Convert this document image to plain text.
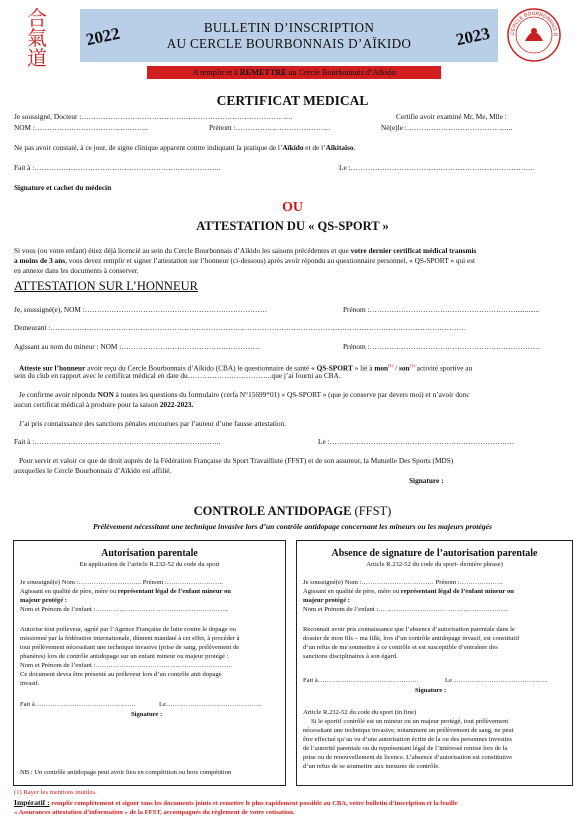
合
氣
道
2022	BULLETIN D’INSCRIPTION
AU CERCLE BOURBONNAIS D’AÏKIDO	2023	CERCLE BOURBONNAIS D
A remplir et à REMETTRE au Cercle Bourbonnais d’Aïkido
CERTIFICAT MEDICAL
Je soussigné, Docteur :……………………………………………………………………………	Certifie avoir examiné Mr, Me, Mlle :
NOM :………………………………………..	Prénom :…………………………………	Né(e)le :……………………………………..
Ne pas avoir constaté, à ce jour, de signe clinique apparent contre indiquant la pratique de l’Aïkido et de l’Aïkitaïso.
Fait à :…………………………………………………………………..	Le :………………………………………………………………….
Signature et cachet du médecin
OU
ATTESTATION DU « QS-SPORT »
Si vous (ou votre enfant) étiez déjà licencié au sein du Cercle Bourbonnais d’Aïkido les saisons précédentes et que votre dernier certificat médical transmis
a moins de 3 ans, vous devez remplir et signer l’attestation sur l’honneur (ci-dessous) après avoir répondu au questionnaire personnel, « QS-SPORT » qui est
en annexe dans les documents à conserver.
ATTESTATION SUR L’HONNEUR
Je, soussigné(e), NOM :…………………………………………………………………	Prénom :…………………………………………………….............
Demeurant :………………………………………………………………………………………………………………………………………………………
Agissant au nom du mineur : NOM :…………………………………………………	Prénom :…………………………………………………………….
Atteste sur l’honneur avoir reçu du Cercle Bourbonnais d’Aïkido (CBA) le questionnaire de santé « QS-SPORT » lié à mon$^{(1)}$ / son$^{(1)}$ activité sportive au
sein du club en rapport avec le certificat médical en date du……………………………..que j’ai fourni au CBA.
Je confirme avoir répondu NON à toutes les questions du formulaire (cerfa N°15699*01) « QS-SPORT » (que je conserve par devers moi) et n’avoir donc
aucun certificat médical à produire pour la saison 2022-2023.
J’ai pris connaissance des sanctions pénales encourues par l’auteur d’une fausse attestation.
Fait à :…………………………………………………………………..	Le :………………………………………………………………….
Pour servir et valoir ce que de droit auprès de la Fédération Française du Sport Travailliste (FFST) et de son assureur, la Mutuelle Des Sports (MDS)
auxquelles le Cercle Bourbonnais d’Aïkido est affilié.
Signature :
CONTROLE ANTIDOPAGE (FFST)
Prélèvement nécessitant une technique invasive lors d’un contrôle antidopage concernant les mineurs ou les majeurs protégés
Autorisation parentale
En application de l’article R.232-52 du code du sport
Je soussigné(e) Nom :……………………….. Prénom :……………………..
Agissant en qualité de père, mère ou représentant légal de l’enfant mineur ou
majeur protégé :
Nom et Prénom de l’enfant :……………………… ……………………………
Autorise tout préleveur, agréé par l’Agence Française de lutte contre le dopage ou
missionné par la fédération internationale, dûment mandaté à cet effet, à procéder à
tout prélèvement nécessitant une technique invasive (prise de sang, prélèvement de
phanères) lors de contrôle antidopage sur un enfant mineur ou majeur protégé :
Nom et Prénom de l’enfant :……………………………. ……………………….
Ce document devra être présenté au préleveur lors d’un contrôle anti dopage
invasif.
Fait à……………………………………….	Le……………………………………..
Signature :
NB : Un contrôle antidopage peut avoir lieu en compétition ou hors compétition
Absence de signature de l’autorisation parentale
Article R.232-52 du code du sport- dernière phrase)
Je soussigné(e) Nom :…………………………… Prénom :………………..
Agissant en qualité de père, mère ou représentant légal de l’enfant mineur ou
majeur protégé :
Nom et Prénom de l’enfant :………………………… ………………………..
Reconnait avoir pris connaissance que l’absence d’autorisation parentale dans le
dossier de mon fils – ma fille, lors d’un contrôle antidopage invasif, est constitutif
d’un refus de me soumettre à ce contrôle et est susceptible d’entraîner des
sanctions disciplinaires à son égard.
Fait à……………………………………….	Le……………………………………..
Signature :
Article R.232-52 du code du sport (in fine)
Si le sportif contrôlé est un mineur ou un majeur protégé, tout prélèvement
nécessitant une technique invasive, notamment un prélèvement de sang, ne peut
être effectué qu’au vu d’une autorisation écrite de la ou des personnes investies
de l’autorité parentale ou du représentant légal de l’intéressé remise lors de la
prise ou de renouvellement de licence. L’absence d’autorisation est constitutive
d’un refus de se soumettre aux mesures de contrôle.
(1) Rayer les mentions inutiles.
Impératif : remplir complètement et signer tous les documents joints et remettre le plus rapidement possible au CBA, votre bulletin d’inscription et la feuille
« Assurances attestation d’information » de la FFST, accompagnés du règlement de votre cotisation.
